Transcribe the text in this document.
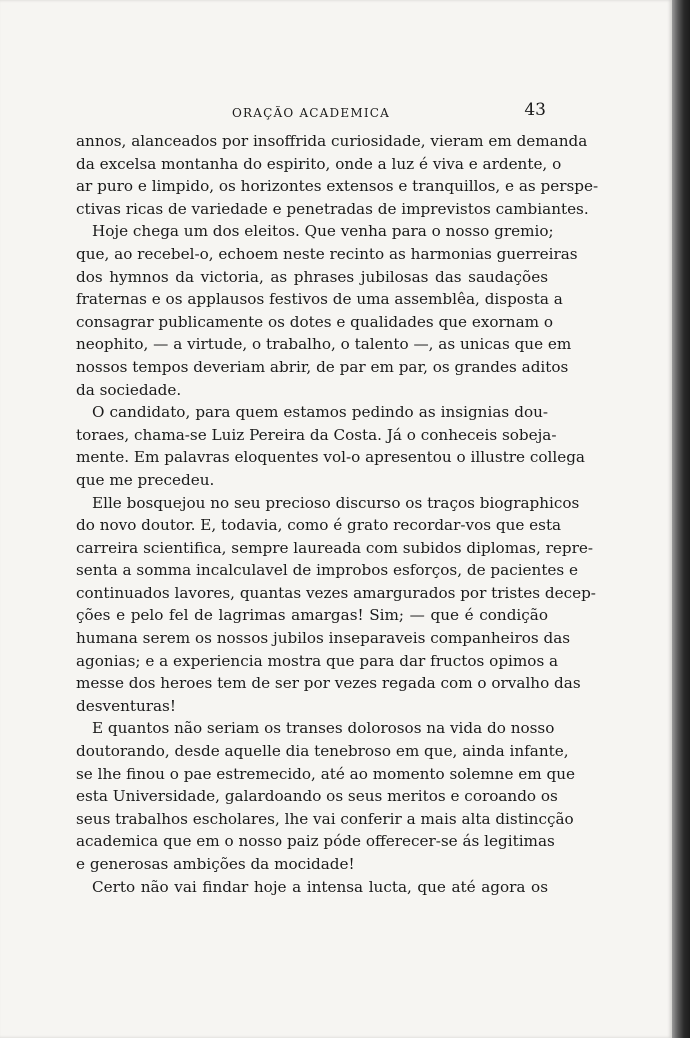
ORAÇÃO ACADEMICA	43
annos, alanceados por insoffrida curiosidade, vieram em demanda
da excelsa montanha do espirito, onde a luz é viva e ardente, o
ar puro e limpido, os horizontes extensos e tranquillos, e as perspe-
ctivas ricas de variedade e penetradas de imprevistos cambiantes.
Hoje chega um dos eleitos. Que venha para o nosso gremio;
que, ao recebel-o, echoem neste recinto as harmonias guerreiras
dos hymnos da victoria, as phrases jubilosas das saudações
fraternas e os applausos festivos de uma assemblêa, disposta a
consagrar publicamente os dotes e qualidades que exornam o
neophito, — a virtude, o trabalho, o talento —, as unicas que em
nossos tempos deveriam abrir, de par em par, os grandes aditos
da sociedade.
O candidato, para quem estamos pedindo as insignias dou-
toraes, chama-se Luiz Pereira da Costa. Já o conheceis sobeja-
mente. Em palavras eloquentes vol-o apresentou o illustre collega
que me precedeu.
Elle bosquejou no seu precioso discurso os traços biographicos
do novo doutor. E, todavia, como é grato recordar-vos que esta
carreira scientifica, sempre laureada com subidos diplomas, repre-
senta a somma incalculavel de improbos esforços, de pacientes e
continuados lavores, quantas vezes amargurados por tristes decep-
ções e pelo fel de lagrimas amargas! Sim; — que é condição
humana serem os nossos jubilos inseparaveis companheiros das
agonias; e a experiencia mostra que para dar fructos opimos a
messe dos heroes tem de ser por vezes regada com o orvalho das
desventuras!
E quantos não seriam os transes dolorosos na vida do nosso
doutorando, desde aquelle dia tenebroso em que, ainda infante,
se lhe finou o pae estremecido, até ao momento solemne em que
esta Universidade, galardoando os seus meritos e coroando os
seus trabalhos escholares, lhe vai conferir a mais alta distincção
academica que em o nosso paiz póde offerecer-se ás legitimas
e generosas ambições da mocidade!
Certo não vai findar hoje a intensa lucta, que até agora os
